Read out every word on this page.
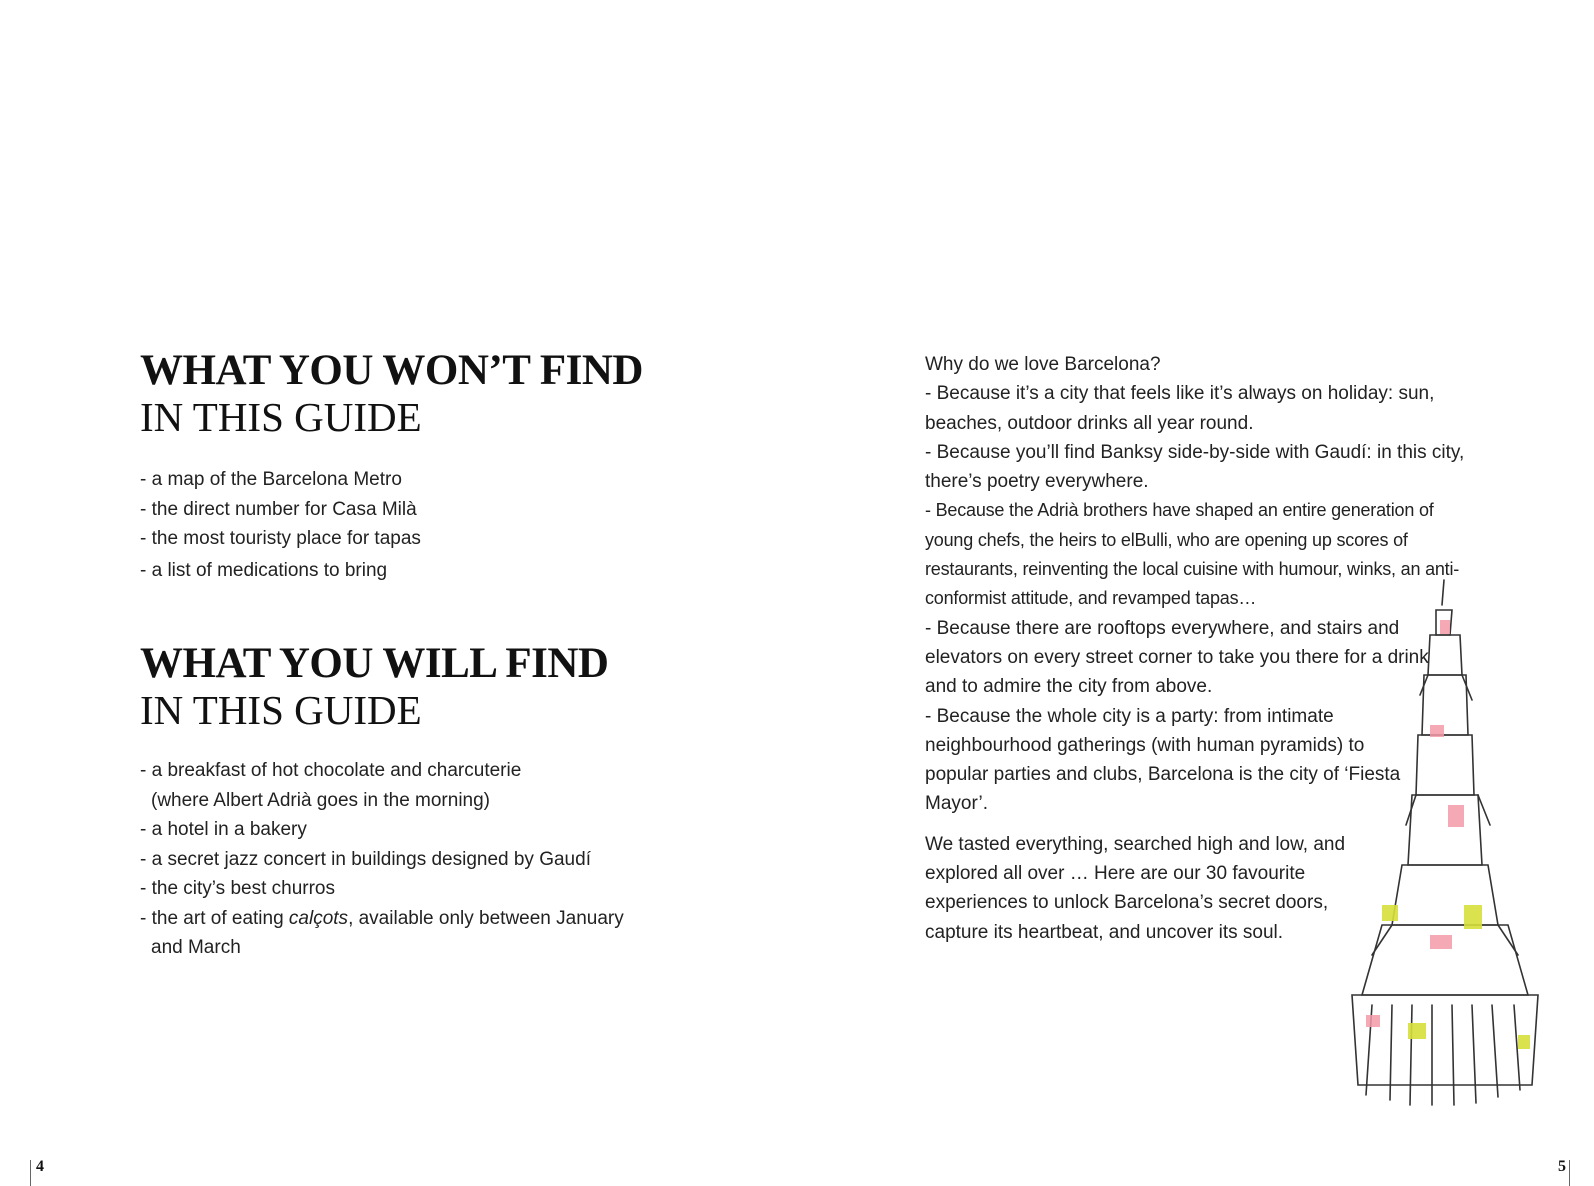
WHAT YOU WON’T FIND
IN THIS GUIDE
- a map of the Barcelona Metro
- the direct number for Casa Milà
- the most touristy place for tapas
- a list of medications to bring
WHAT YOU WILL FIND
IN THIS GUIDE
- a breakfast of hot chocolate and charcuterie
(where Albert Adrià goes in the morning)
- a hotel in a bakery
- a secret jazz concert in buildings designed by Gaudí
- the city’s best churros
- the art of eating calçots, available only between January
and March
4

Why do we love Barcelona?

- Because it’s a city that feels like it’s always on holiday: sun, beaches, outdoor drinks all year round.

- Because you’ll find Banksy side-by-side with Gaudí: in this city, there’s poetry everywhere.

- Because the Adrià brothers have shaped an entire generation of young chefs, the heirs to elBulli, who are opening up scores of restaurants, reinventing the local cuisine with humour, winks, an anti-conformist attitude, and revamped tapas…

- Because there are rooftops everywhere, and stairs and elevators on every street corner to take you there for a drink and to admire the city from above.

- Because the whole city is a party: from intimate neighbourhood gatherings (with human pyramids) to popular parties and clubs, Barcelona is the city of ‘Fiesta Mayor’.

We tasted everything, searched high and low, and explored all over … Here are our 30 favourite experiences to unlock Barcelona’s secret doors, capture its heartbeat, and uncover its soul.

5
